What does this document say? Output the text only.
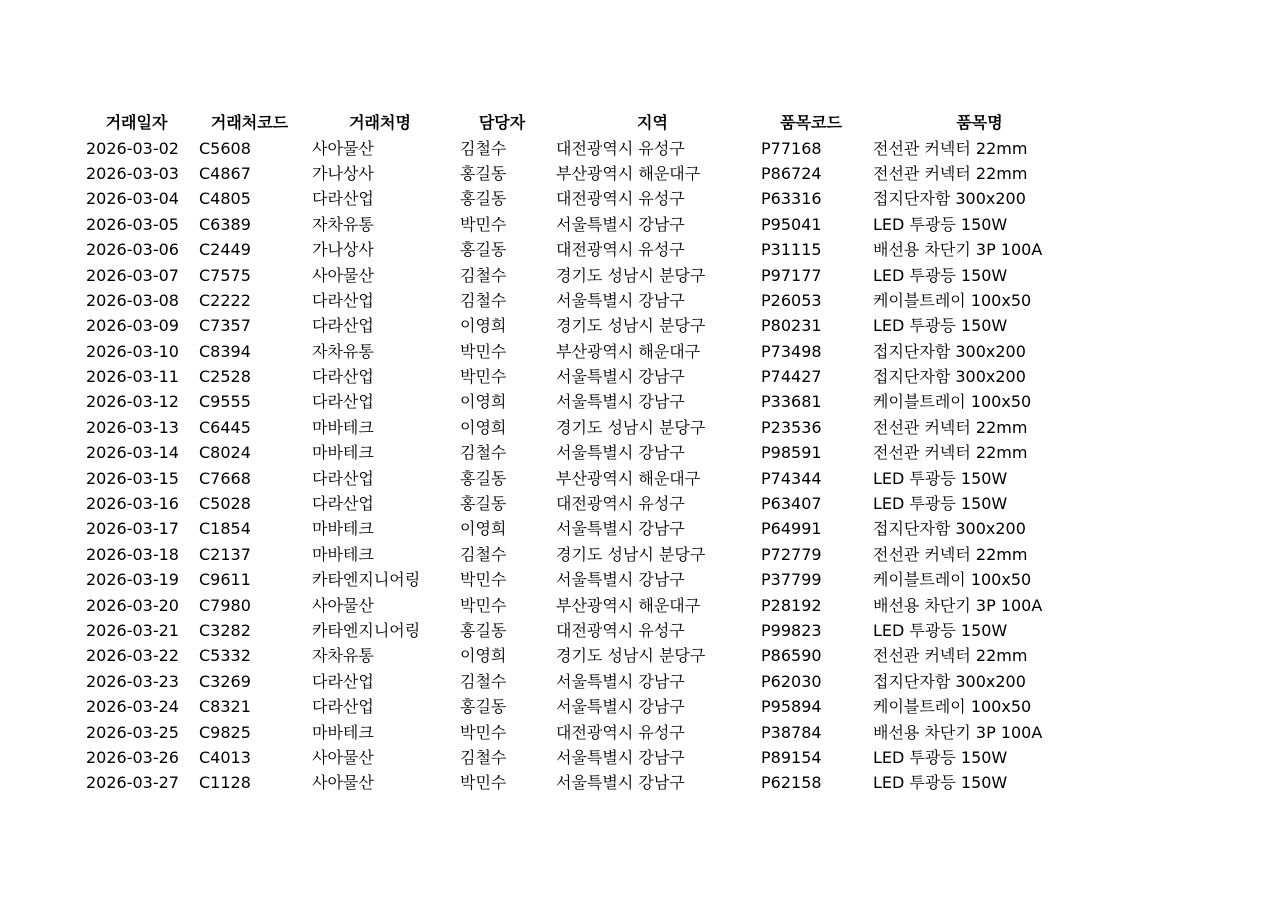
거래일자	거래처코드	거래처명	담당자	지역	품목코드	품목명
2026-03-02	C5608	사아물산	김철수	대전광역시 유성구	P77168	전선관 커넥터 22mm
2026-03-03	C4867	가나상사	홍길동	부산광역시 해운대구	P86724	전선관 커넥터 22mm
2026-03-04	C4805	다라산업	홍길동	대전광역시 유성구	P63316	접지단자함 300x200
2026-03-05	C6389	자차유통	박민수	서울특별시 강남구	P95041	LED 투광등 150W
2026-03-06	C2449	가나상사	홍길동	대전광역시 유성구	P31115	배선용 차단기 3P 100A
2026-03-07	C7575	사아물산	김철수	경기도 성남시 분당구	P97177	LED 투광등 150W
2026-03-08	C2222	다라산업	김철수	서울특별시 강남구	P26053	케이블트레이 100x50
2026-03-09	C7357	다라산업	이영희	경기도 성남시 분당구	P80231	LED 투광등 150W
2026-03-10	C8394	자차유통	박민수	부산광역시 해운대구	P73498	접지단자함 300x200
2026-03-11	C2528	다라산업	박민수	서울특별시 강남구	P74427	접지단자함 300x200
2026-03-12	C9555	다라산업	이영희	서울특별시 강남구	P33681	케이블트레이 100x50
2026-03-13	C6445	마바테크	이영희	경기도 성남시 분당구	P23536	전선관 커넥터 22mm
2026-03-14	C8024	마바테크	김철수	서울특별시 강남구	P98591	전선관 커넥터 22mm
2026-03-15	C7668	다라산업	홍길동	부산광역시 해운대구	P74344	LED 투광등 150W
2026-03-16	C5028	다라산업	홍길동	대전광역시 유성구	P63407	LED 투광등 150W
2026-03-17	C1854	마바테크	이영희	서울특별시 강남구	P64991	접지단자함 300x200
2026-03-18	C2137	마바테크	김철수	경기도 성남시 분당구	P72779	전선관 커넥터 22mm
2026-03-19	C9611	카타엔지니어링	박민수	서울특별시 강남구	P37799	케이블트레이 100x50
2026-03-20	C7980	사아물산	박민수	부산광역시 해운대구	P28192	배선용 차단기 3P 100A
2026-03-21	C3282	카타엔지니어링	홍길동	대전광역시 유성구	P99823	LED 투광등 150W
2026-03-22	C5332	자차유통	이영희	경기도 성남시 분당구	P86590	전선관 커넥터 22mm
2026-03-23	C3269	다라산업	김철수	서울특별시 강남구	P62030	접지단자함 300x200
2026-03-24	C8321	다라산업	홍길동	서울특별시 강남구	P95894	케이블트레이 100x50
2026-03-25	C9825	마바테크	박민수	대전광역시 유성구	P38784	배선용 차단기 3P 100A
2026-03-26	C4013	사아물산	김철수	서울특별시 강남구	P89154	LED 투광등 150W
2026-03-27	C1128	사아물산	박민수	서울특별시 강남구	P62158	LED 투광등 150W
